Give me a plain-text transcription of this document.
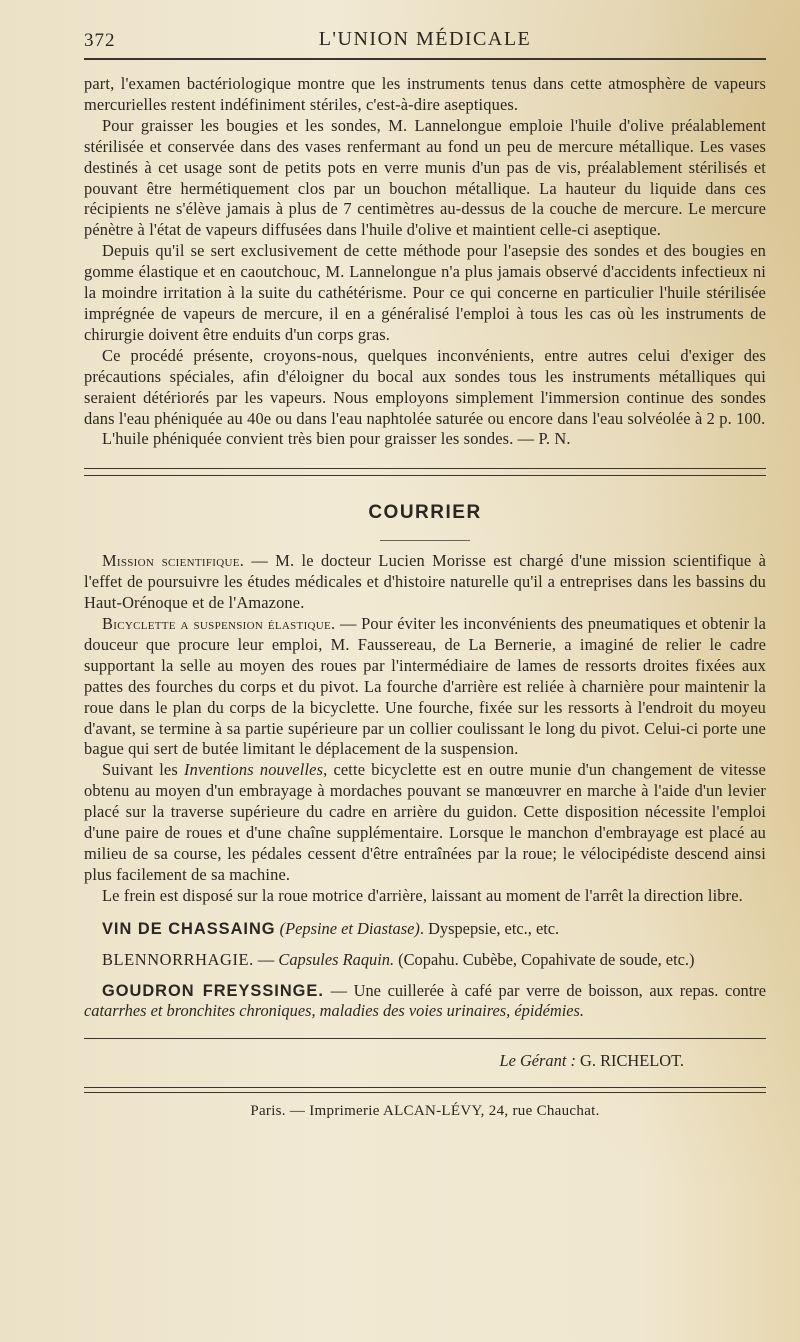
372	L'UNION MÉDICALE

part, l'examen bactériologique montre que les instruments tenus dans cette atmosphère de vapeurs mercurielles restent indéfiniment stériles, c'est-à-dire aseptiques.

Pour graisser les bougies et les sondes, M. Lannelongue emploie l'huile d'olive préalablement stérilisée et conservée dans des vases renfermant au fond un peu de mercure métallique. Les vases destinés à cet usage sont de petits pots en verre munis d'un pas de vis, préalablement stérilisés et pouvant être hermétiquement clos par un bouchon métallique. La hauteur du liquide dans ces récipients ne s'élève jamais à plus de 7 centimètres au-dessus de la couche de mercure. Le mercure pénètre à l'état de vapeurs diffusées dans l'huile d'olive et maintient celle-ci aseptique.

Depuis qu'il se sert exclusivement de cette méthode pour l'asepsie des sondes et des bougies en gomme élastique et en caoutchouc, M. Lannelongue n'a plus jamais observé d'accidents infectieux ni la moindre irritation à la suite du cathétérisme. Pour ce qui concerne en particulier l'huile stérilisée imprégnée de vapeurs de mercure, il en a généralisé l'emploi à tous les cas où les instruments de chirurgie doivent être enduits d'un corps gras.

Ce procédé présente, croyons-nous, quelques inconvénients, entre autres celui d'exiger des précautions spéciales, afin d'éloigner du bocal aux sondes tous les instruments métalliques qui seraient détériorés par les vapeurs. Nous employons simplement l'immersion continue des sondes dans l'eau phéniquée au 40e ou dans l'eau naphtolée saturée ou encore dans l'eau solvéolée à 2 p. 100.

L'huile phéniquée convient très bien pour graisser les sondes. — P. N.

COURRIER

Mission scientifique. — M. le docteur Lucien Morisse est chargé d'une mission scientifique à l'effet de poursuivre les études médicales et d'histoire naturelle qu'il a entreprises dans les bassins du Haut-Orénoque et de l'Amazone.

Bicyclette a suspension élastique. — Pour éviter les inconvénients des pneumatiques et obtenir la douceur que procure leur emploi, M. Faussereau, de La Bernerie, a imaginé de relier le cadre supportant la selle au moyen des roues par l'intermédiaire de lames de ressorts droites fixées aux pattes des fourches du corps et du pivot. La fourche d'arrière est reliée à charnière pour maintenir la roue dans le plan du corps de la bicyclette. Une fourche, fixée sur les ressorts à l'endroit du moyeu d'avant, se termine à sa partie supérieure par un collier coulissant le long du pivot. Celui-ci porte une bague qui sert de butée limitant le déplacement de la suspension.

Suivant les Inventions nouvelles, cette bicyclette est en outre munie d'un changement de vitesse obtenu au moyen d'un embrayage à mordaches pouvant se manœuvrer en marche à l'aide d'un levier placé sur la traverse supérieure du cadre en arrière du guidon. Cette disposition nécessite l'emploi d'une paire de roues et d'une chaîne supplémentaire. Lorsque le manchon d'embrayage est placé au milieu de sa course, les pédales cessent d'être entraînées par la roue; le vélocipédiste descend ainsi plus facilement de sa machine.

Le frein est disposé sur la roue motrice d'arrière, laissant au moment de l'arrêt la direction libre.

VIN DE CHASSAING (Pepsine et Diastase). Dyspepsie, etc., etc.
BLENNORRHAGIE. — Capsules Raquin. (Copahu. Cubèbe, Copahivate de soude, etc.)
GOUDRON FREYSSINGE. — Une cuillerée à café par verre de boisson, aux repas. contre catarrhes et bronchites chroniques, maladies des voies urinaires, épidémies.
Le Gérant : G. RICHELOT.
Paris. — Imprimerie ALCAN-LÉVY, 24, rue Chauchat.
